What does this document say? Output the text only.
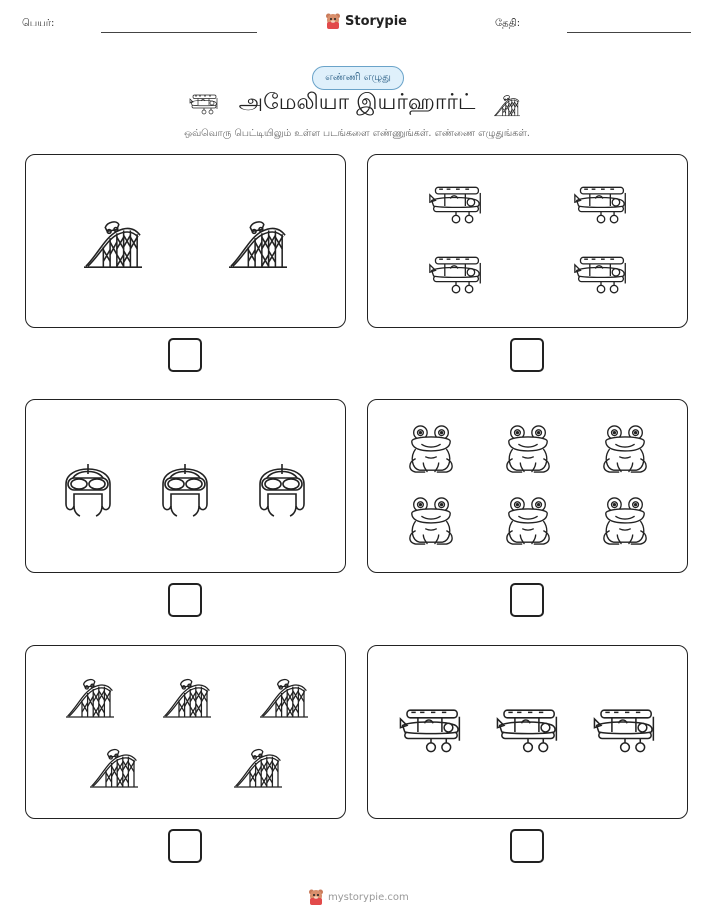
பெயர்:	Storypie	தேதி:
எண்ணி எழுது
அமேலியா இயர்ஹார்ட்
ஒவ்வொரு பெட்டியிலும் உள்ள படங்களை எண்ணுங்கள். எண்ணை எழுதுங்கள்.
mystorypie.com
